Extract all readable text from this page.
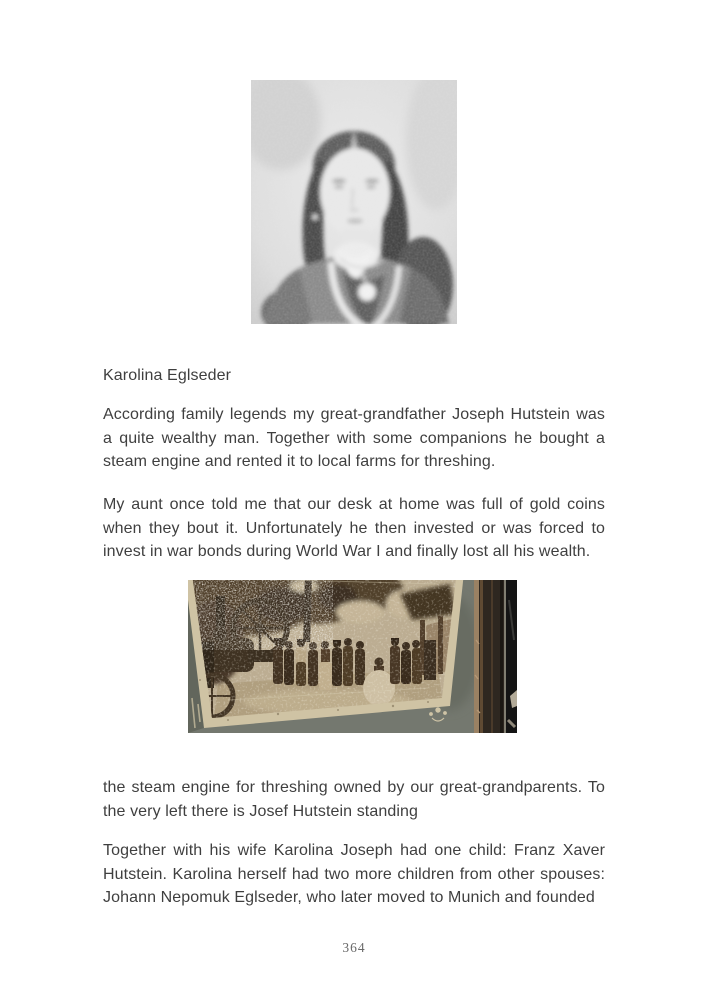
Karolina Eglseder
According family legends my great-grandfather Joseph Hutstein was
a quite wealthy man. Together with some companions he bought a
steam engine and rented it to local farms for threshing.
My aunt once told me that our desk at home was full of gold coins
when they bout it. Unfortunately he then invested or was forced to
invest in war bonds during World War I and finally lost all his wealth.
the steam engine for threshing owned by our great-grandparents. To
the very left there is Josef Hutstein standing
Together with his wife Karolina Joseph had one child: Franz Xaver
Hutstein. Karolina herself had two more children from other spouses:
Johann Nepomuk Eglseder, who later moved to Munich and founded
364
